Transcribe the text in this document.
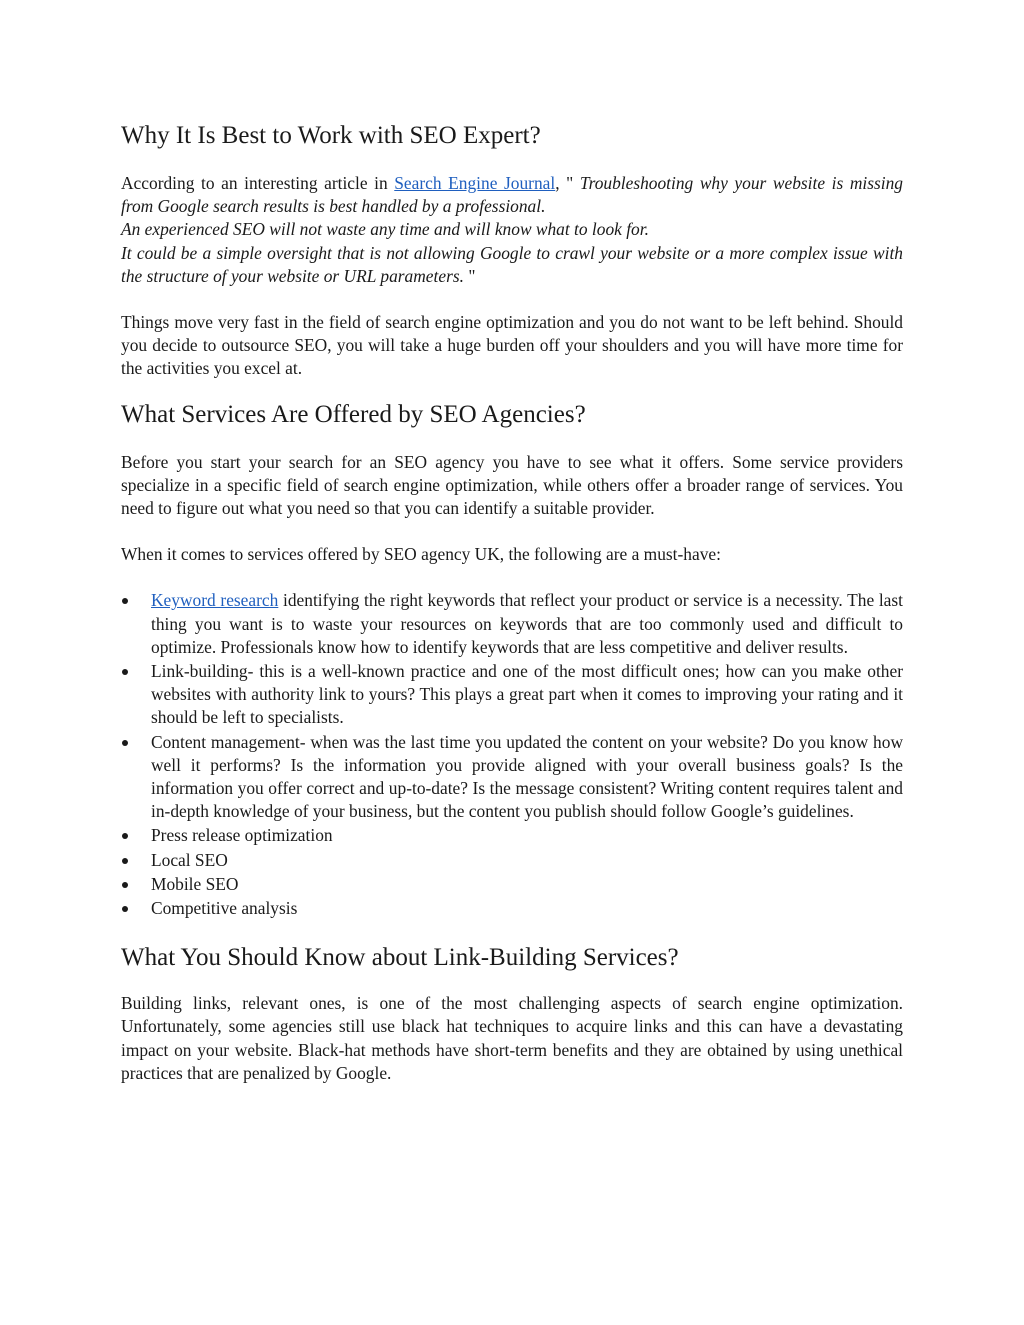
Why It Is Best to Work with SEO Expert?

According to an interesting article in Search Engine Journal, " Troubleshooting why your website is missing from Google search results is best handled by a professional.
An experienced SEO will not waste any time and will know what to look for.
It could be a simple oversight that is not allowing Google to crawl your website or a more complex issue with the structure of your website or URL parameters. "

Things move very fast in the field of search engine optimization and you do not want to be left behind. Should you decide to outsource SEO, you will take a huge burden off your shoulders and you will have more time for the activities you excel at.

What Services Are Offered by SEO Agencies?

Before you start your search for an SEO agency you have to see what it offers. Some service providers specialize in a specific field of search engine optimization, while others offer a broader range of services. You need to figure out what you need so that you can identify a suitable provider.

When it comes to services offered by SEO agency UK, the following are a must-have:

Keyword research identifying the right keywords that reflect your product or service is a necessity. The last thing you want is to waste your resources on keywords that are too commonly used and difficult to optimize. Professionals know how to identify keywords that are less competitive and deliver results.
Link-building- this is a well-known practice and one of the most difficult ones; how can you make other websites with authority link to yours? This plays a great part when it comes to improving your rating and it should be left to specialists.
Content management- when was the last time you updated the content on your website? Do you know how well it performs? Is the information you provide aligned with your overall business goals? Is the information you offer correct and up-to-date? Is the message consistent? Writing content requires talent and in-depth knowledge of your business, but the content you publish should follow Google’s guidelines.
Press release optimization
Local SEO
Mobile SEO
Competitive analysis
What You Should Know about Link-Building Services?

Building links, relevant ones, is one of the most challenging aspects of search engine optimization. Unfortunately, some agencies still use black hat techniques to acquire links and this can have a devastating impact on your website. Black-hat methods have short-term benefits and they are obtained by using unethical practices that are penalized by Google.
